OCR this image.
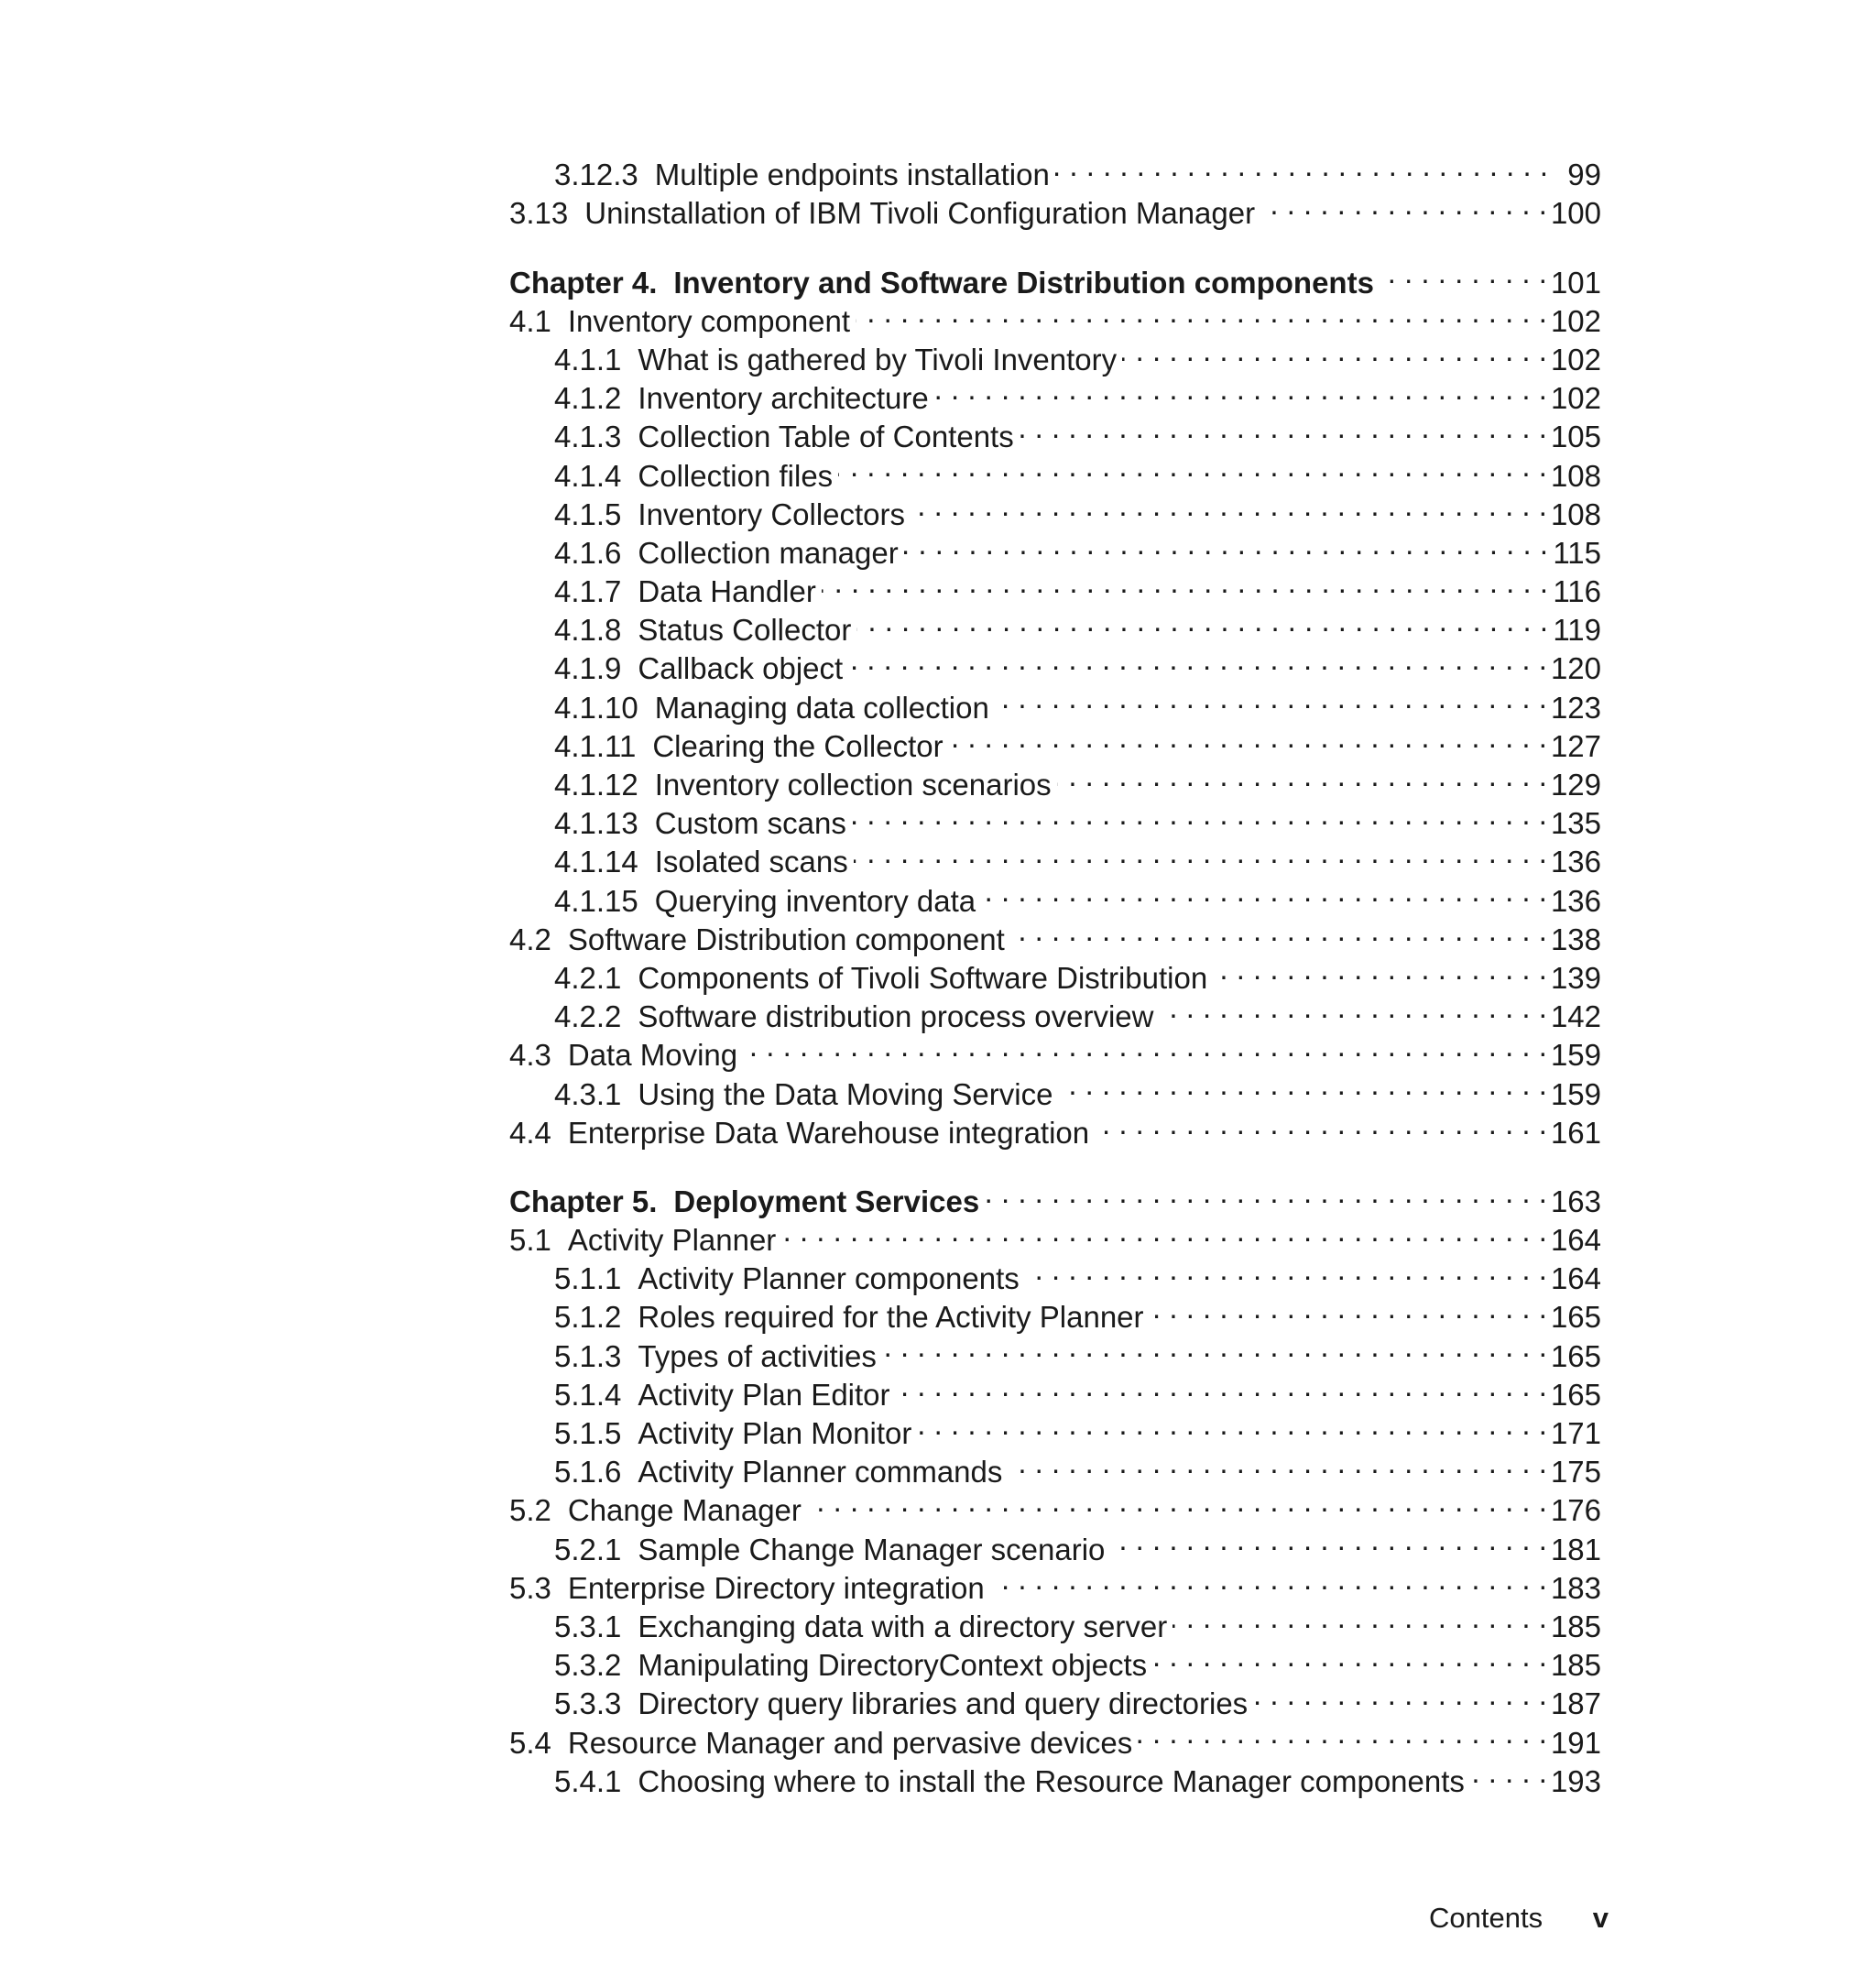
3.12.3 Multiple endpoints installation . . .	99
3.13 Uninstallation of IBM Tivoli Configuration Manager . . .	100
Chapter 4. Inventory and Software Distribution components . . .	101
4.1 Inventory component . . .	102
4.1.1 What is gathered by Tivoli Inventory . . .	102
4.1.2 Inventory architecture . . .	102
4.1.3 Collection Table of Contents . . .	105
4.1.4 Collection files . . .	108
4.1.5 Inventory Collectors . . .	108
4.1.6 Collection manager . . .	115
4.1.7 Data Handler . . .	116
4.1.8 Status Collector . . .	119
4.1.9 Callback object . . .	120
4.1.10 Managing data collection . . .	123
4.1.11 Clearing the Collector . . .	127
4.1.12 Inventory collection scenarios . . .	129
4.1.13 Custom scans . . .	135
4.1.14 Isolated scans . . .	136
4.1.15 Querying inventory data . . .	136
4.2 Software Distribution component . . .	138
4.2.1 Components of Tivoli Software Distribution . . .	139
4.2.2 Software distribution process overview . . .	142
4.3 Data Moving . . .	159
4.3.1 Using the Data Moving Service . . .	159
4.4 Enterprise Data Warehouse integration . . .	161
Chapter 5. Deployment Services . . .	163
5.1 Activity Planner . . .	164
5.1.1 Activity Planner components . . .	164
5.1.2 Roles required for the Activity Planner . . .	165
5.1.3 Types of activities . . .	165
5.1.4 Activity Plan Editor . . .	165
5.1.5 Activity Plan Monitor . . .	171
5.1.6 Activity Planner commands . . .	175
5.2 Change Manager . . .	176
5.2.1 Sample Change Manager scenario . . .	181
5.3 Enterprise Directory integration . . .	183
5.3.1 Exchanging data with a directory server . . .	185
5.3.2 Manipulating DirectoryContext objects . . .	185
5.3.3 Directory query libraries and query directories . . .	187
5.4 Resource Manager and pervasive devices . . .	191
5.4.1 Choosing where to install the Resource Manager components . . .	193
Contents v
